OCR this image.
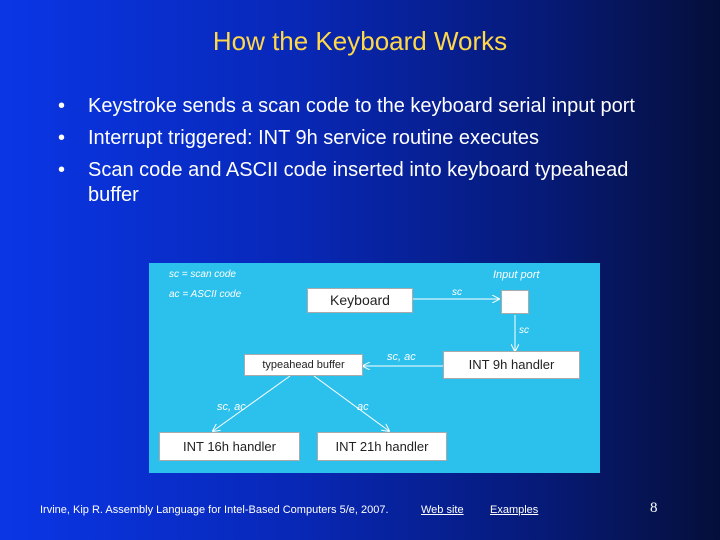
How the Keyboard Works
• Keystroke sends a scan code to the keyboard serial input port
• Interrupt triggered: INT 9h service routine executes
• Scan code and ASCII code inserted into keyboard typeahead buffer
sc = scan code
ac = ASCII code
Input port
sc
sc
sc, ac
sc, ac	ac
Keyboard
INT 9h handler
typeahead buffer
INT 16h handler	INT 21h handler
Irvine, Kip R. Assembly Language for Intel-Based Computers 5/e, 2007.	Web site Examples	8
